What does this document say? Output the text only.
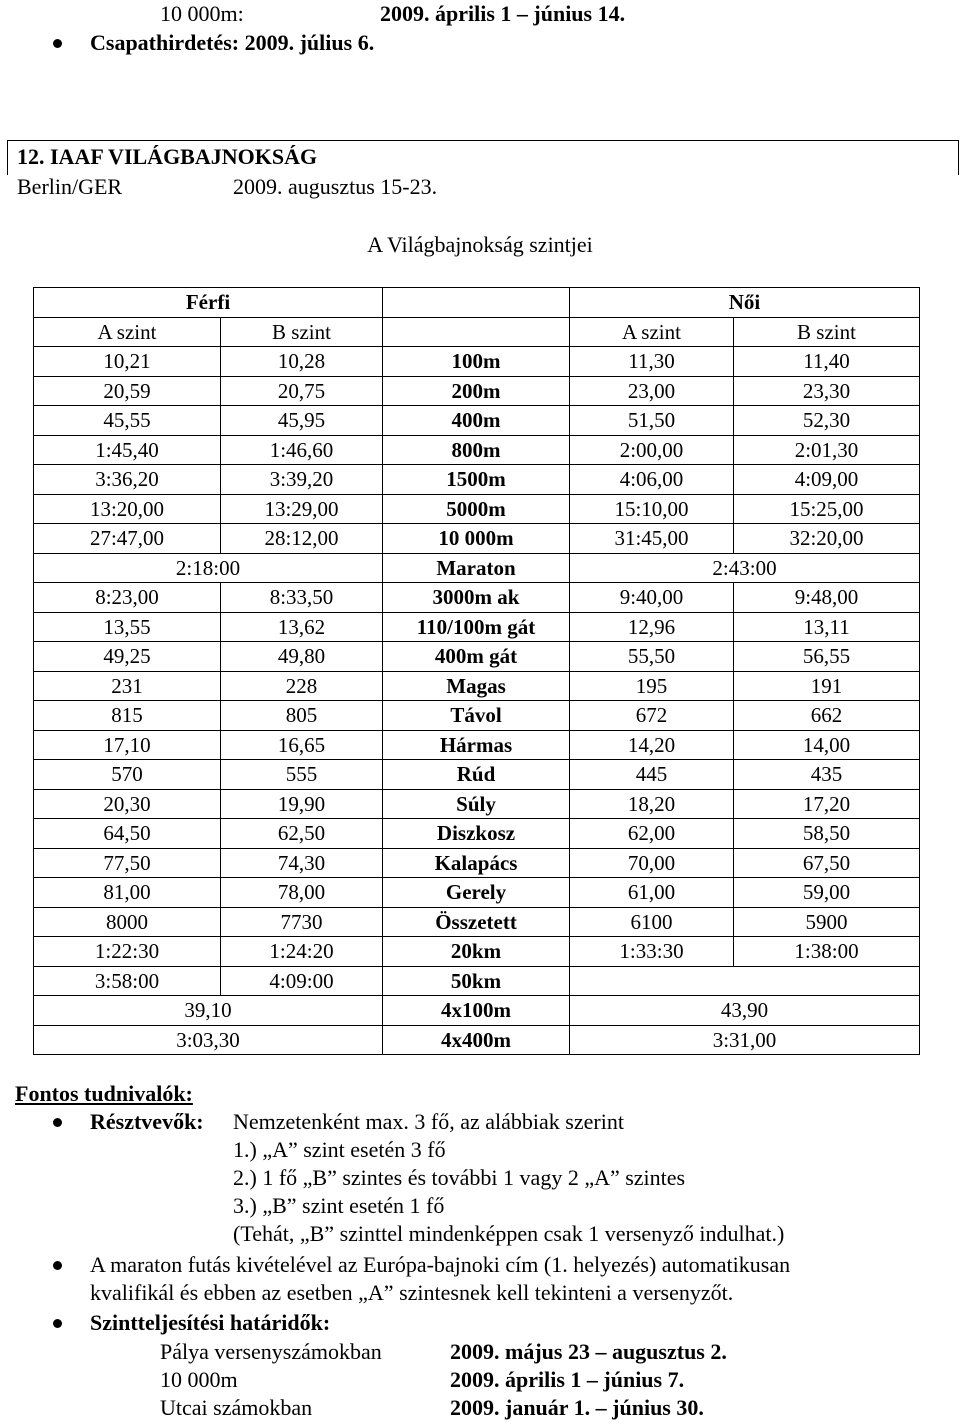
10 000m:	2009. április 1 – június 14.
Csapathirdetés: 2009. július 6.
12. IAAF VILÁGBAJNOKSÁG
Berlin/GER	2009. augusztus 15-23.
A Világbajnokság szintjei
Férfi			Női	
A szint	B szint		A szint	B szint
10,21	10,28	100m	11,30	11,40
20,59	20,75	200m	23,00	23,30
45,55	45,95	400m	51,50	52,30
1:45,40	1:46,60	800m	2:00,00	2:01,30
3:36,20	3:39,20	1500m	4:06,00	4:09,00
13:20,00	13:29,00	5000m	15:10,00	15:25,00
27:47,00	28:12,00	10 000m	31:45,00	32:20,00
2:18:00		Maraton	2:43:00	
8:23,00	8:33,50	3000m ak	9:40,00	9:48,00
13,55	13,62	110/100m gát	12,96	13,11
49,25	49,80	400m gát	55,50	56,55
231	228	Magas	195	191
815	805	Távol	672	662
17,10	16,65	Hármas	14,20	14,00
570	555	Rúd	445	435
20,30	19,90	Súly	18,20	17,20
64,50	62,50	Diszkosz	62,00	58,50
77,50	74,30	Kalapács	70,00	67,50
81,00	78,00	Gerely	61,00	59,00
8000	7730	Összetett	6100	5900
1:22:30	1:24:20	20km	1:33:30	1:38:00
3:58:00	4:09:00	50km		
39,10		4x100m	43,90	
3:03,30		4x400m	3:31,00	
Fontos tudnivalók:
Résztvevők: Nemzetenként max. 3 fő, az alábbiak szerint
1.) „A” szint esetén 3 fő
2.) 1 fő „B” szintes és további 1 vagy 2 „A” szintes
3.) „B” szint esetén 1 fő
(Tehát, „B” szinttel mindenképpen csak 1 versenyző indulhat.)
A maraton futás kivételével az Európa-bajnoki cím (1. helyezés) automatikusan
kvalifikál és ebben az esetben „A” szintesnek kell tekinteni a versenyzőt.
Szintteljesítési határidők:
Pálya versenyszámokban	2009. május 23 – augusztus 2.
10 000m	2009. április 1 – június 7.
Utcai számokban	2009. január 1. – június 30.
